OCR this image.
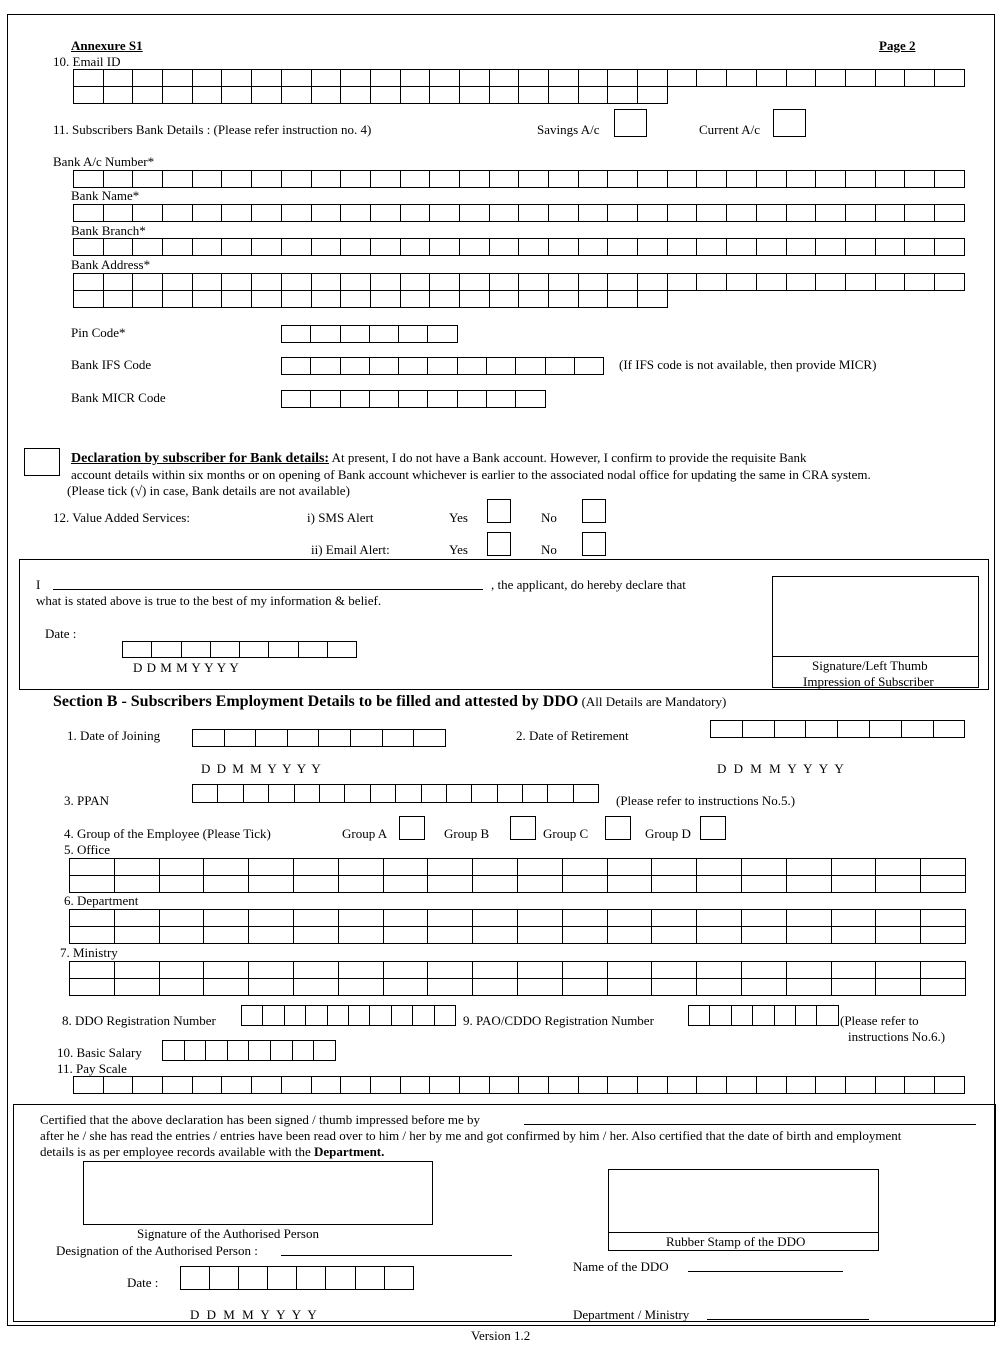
Annexure S1	Page 2
10. Email ID
11. Subscribers Bank Details : (Please refer instruction no. 4)	Savings A/c	Current A/c
Bank A/c Number*
Bank Name*
Bank Branch*
Bank Address*
Pin Code*
Bank IFS Code	(If IFS code is not available, then provide MICR)
Bank MICR Code
Declaration by subscriber for Bank details: At present, I do not have a Bank account. However, I confirm to provide the requisite Bank
account details within six months or on opening of Bank account whichever is earlier to the associated nodal office for updating the same in CRA system.
(Please tick (√) in case, Bank details are not available)
12. Value Added Services:	i) SMS Alert	Yes	No
ii) Email Alert:	Yes	No
I	, the applicant, do hereby declare that
what is stated above is true to the best of my information & belief.
Date :
D D M M Y Y Y Y	Signature/Left Thumb
Impression of Subscriber
Section B - Subscribers Employment Details to be filled and attested by DDO (All Details are Mandatory)
1. Date of Joining
D D M M Y Y Y Y
2. Date of Retirement
D D M M Y Y Y Y
3. PPAN	(Please refer to instructions No.5.)
4. Group of the Employee (Please Tick)	Group A	Group B	Group C	Group D
5. Office
6. Department
7. Ministry
8. DDO Registration Number	9. PAO/CDDO Registration Number	(Please refer to
instructions No.6.)
10. Basic Salary
11. Pay Scale
Certified that the above declaration has been signed / thumb impressed before me by
after he / she has read the entries / entries have been read over to him / her by me and got confirmed by him / her. Also certified that the date of birth and employment
details is as per employee records available with the Department.
Signature of the Authorised Person
Designation of the Authorised Person :
Date :
D D M M Y Y Y Y
Rubber Stamp of the DDO
Name of the DDO
Department / Ministry
Version 1.2
